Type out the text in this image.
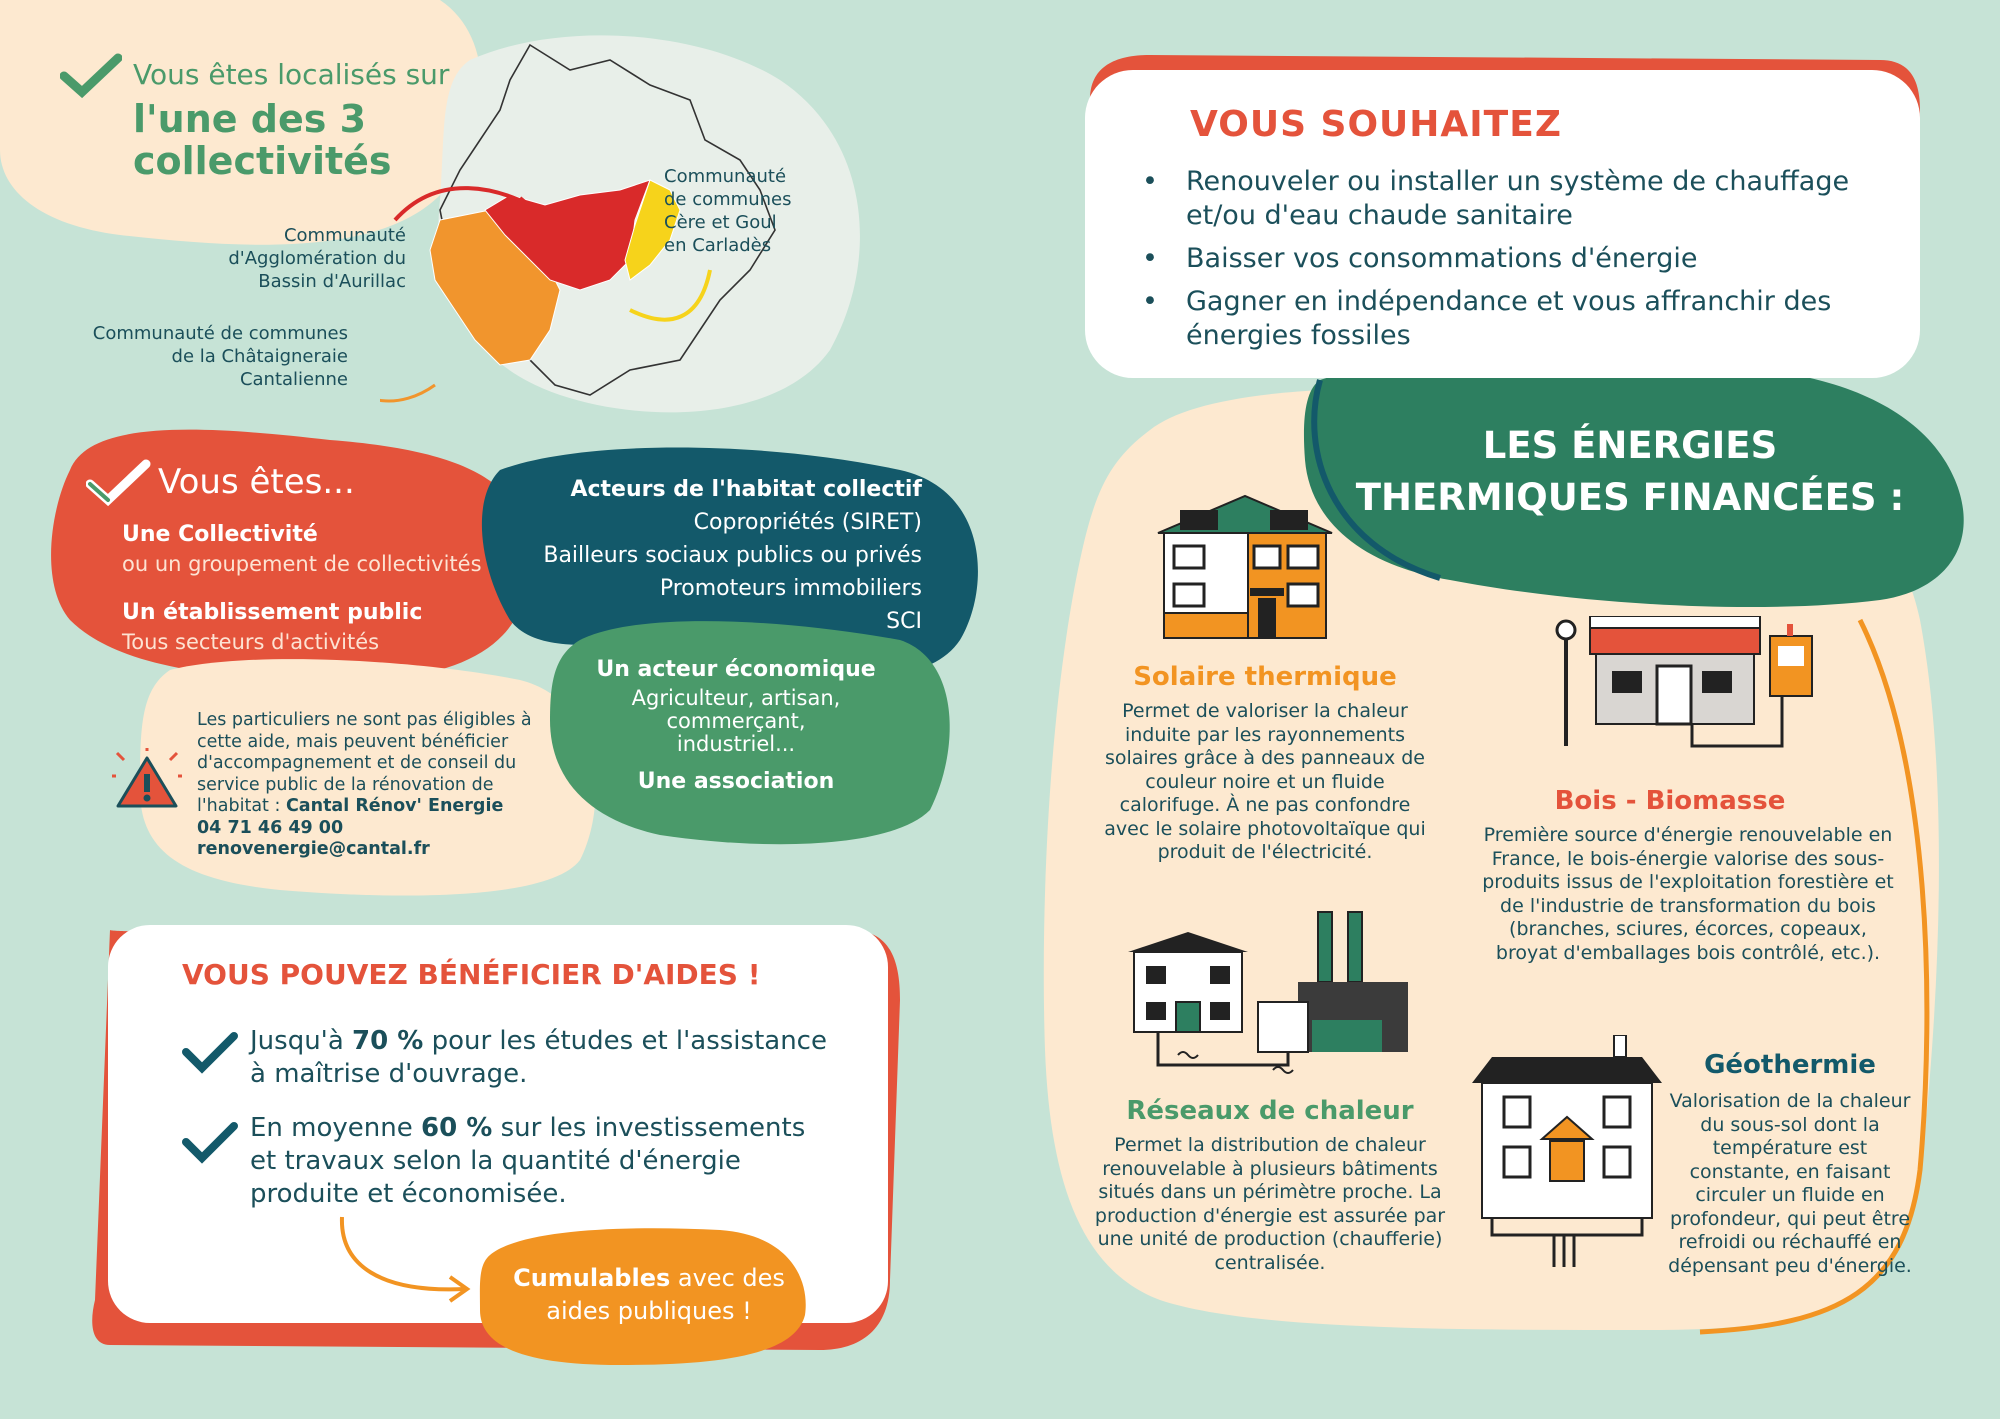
Vous êtes localisés sur
l'une des 3 collectivités	Communauté de communes Cère et Goul en Carladès
Communauté d'Agglomération du Bassin d'Aurillac
Communauté de communes de la Châtaigneraie Cantalienne
Vous êtes...
Une Collectivité
ou un groupement de collectivités
Un établissement public
Tous secteurs d'activités
Acteurs de l'habitat collectif
Copropriétés (SIRET)
Bailleurs sociaux publics ou privés
Promoteurs immobiliers
SCI
Un acteur économique
Agriculteur, artisan, commerçant, industriel...
Une association
Les particuliers ne sont pas éligibles à cette aide, mais peuvent bénéficier d'accompagnement et de conseil du service public de la rénovation de l'habitat : Cantal Rénov' Energie
04 71 46 49 00
renovenergie@cantal.fr
VOUS POUVEZ BÉNÉFICIER D'AIDES !
Jusqu'à 70 % pour les études et l'assistance à maîtrise d'ouvrage.
En moyenne 60 % sur les investissements et travaux selon la quantité d'énergie produite et économisée.
Cumulables avec des aides publiques !
VOUS SOUHAITEZ
• Renouveler ou installer un système de chauffage et/ou d'eau chaude sanitaire
• Baisser vos consommations d'énergie
• Gagner en indépendance et vous affranchir des énergies fossiles
LES ÉNERGIES THERMIQUES FINANCÉES :
Solaire thermique
Permet de valoriser la chaleur induite par les rayonnements solaires grâce à des panneaux de couleur noire et un fluide calorifuge. À ne pas confondre avec le solaire photovoltaïque qui produit de l'électricité.
Bois - Biomasse
Première source d'énergie renouvelable en France, le bois-énergie valorise des sous-produits issus de l'exploitation forestière et de l'industrie de transformation du bois (branches, sciures, écorces, copeaux, broyat d'emballages bois contrôlé, etc.).
Réseaux de chaleur
Permet la distribution de chaleur renouvelable à plusieurs bâtiments situés dans un périmètre proche. La production d'énergie est assurée par une unité de production (chaufferie) centralisée.
Géothermie
Valorisation de la chaleur du sous-sol dont la température est constante, en faisant circuler un fluide en profondeur, qui peut être refroidi ou réchauffé en dépensant peu d'énergie.
